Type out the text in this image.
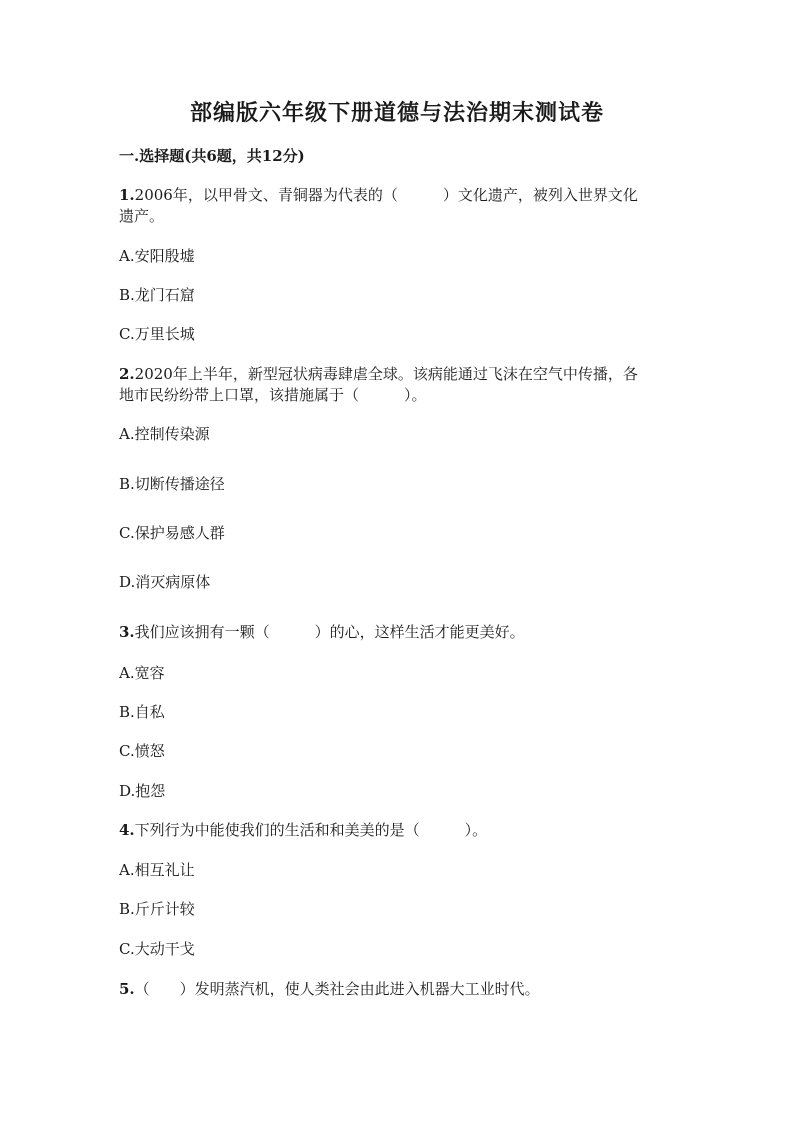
部编版六年级下册道德与法治期末测试卷
一.选择题(共6题，共12分)
1.2006年，以甲骨文、青铜器为代表的（　　　）文化遗产，被列入世界文化
遗产。
A.安阳殷墟
B.龙门石窟
C.万里长城
2.2020年上半年，新型冠状病毒肆虐全球。该病能通过飞沫在空气中传播，各
地市民纷纷带上口罩，该措施属于（　　　）。
A.控制传染源
B.切断传播途径
C.保护易感人群
D.消灭病原体
3.我们应该拥有一颗（　　　）的心，这样生活才能更美好。
A.宽容
B.自私
C.愤怒
D.抱怨
4.下列行为中能使我们的生活和和美美的是（　　　）。
A.相互礼让
B.斤斤计较
C.大动干戈
5.（　　）发明蒸汽机，使人类社会由此进入机器大工业时代。
